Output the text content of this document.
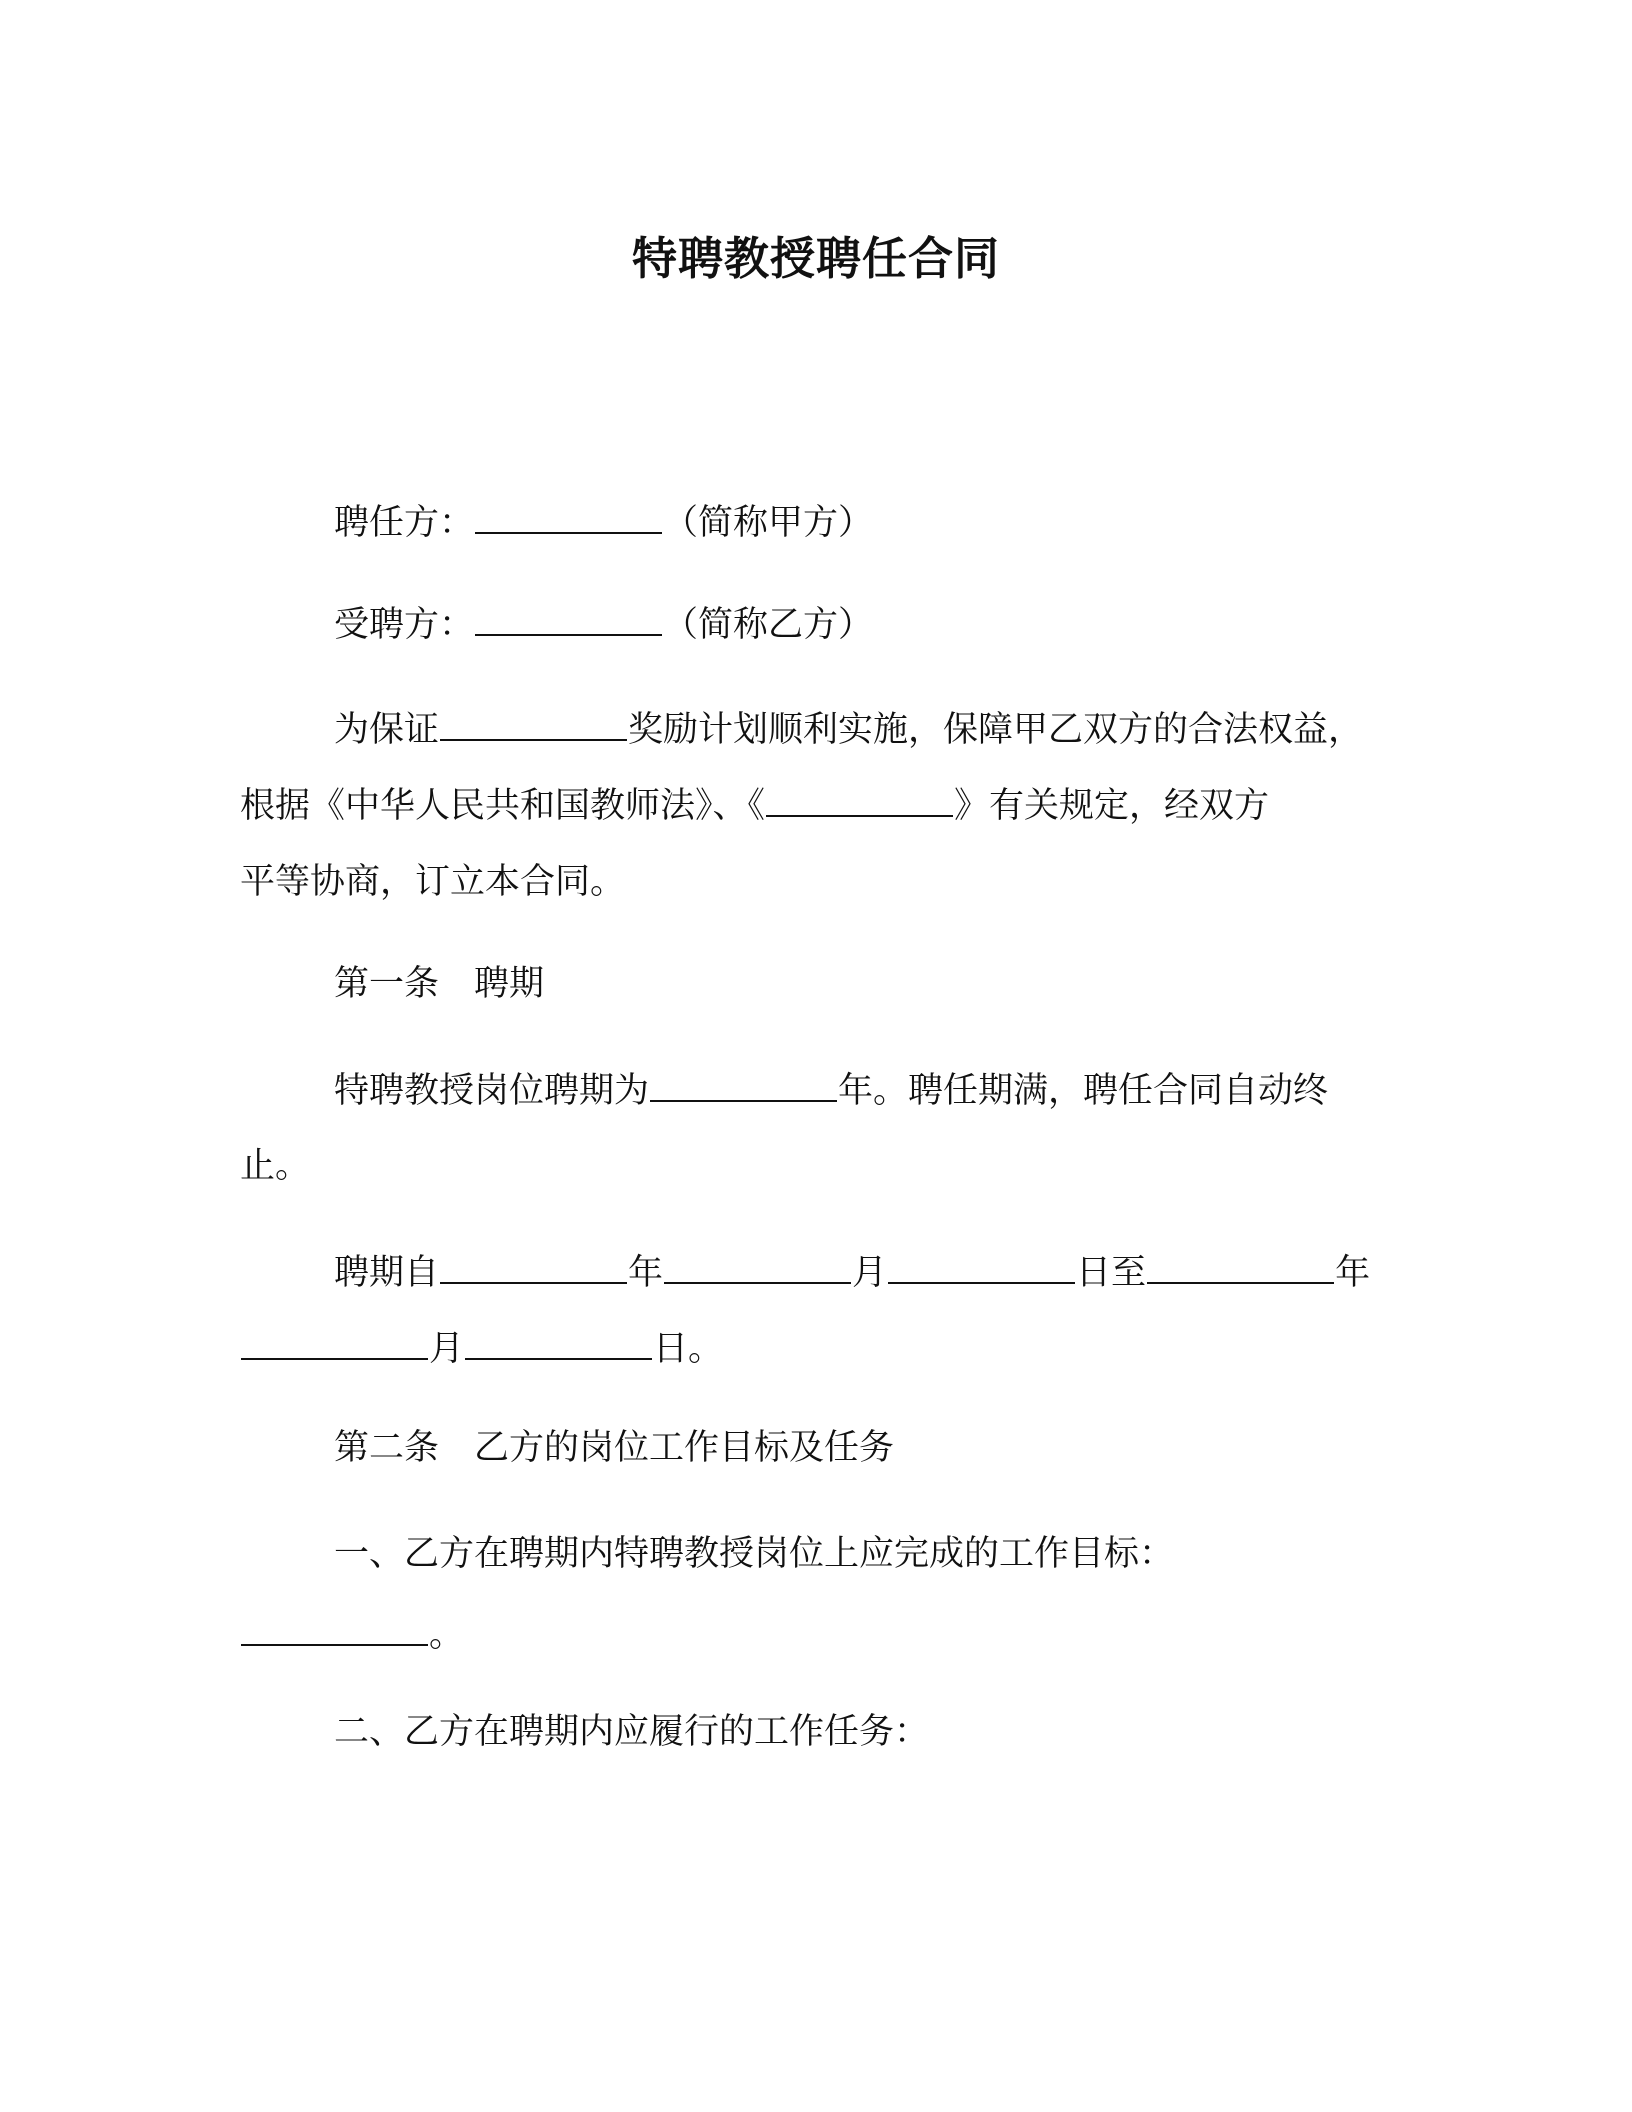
特聘教授聘任合同
聘任方：	（简称甲方）
受聘方：	（简称乙方）
为保证	奖励计划顺利实施，保障甲乙双方的合法权益，
根据《中华人民共和国教师法》、《	》有关规定，经双方
平等协商，订立本合同。
第一条　聘期
特聘教授岗位聘期为	年。聘任期满，聘任合同自动终
止。
聘期自	年	月	日至	年
月	日。
第二条　乙方的岗位工作目标及任务
一、乙方在聘期内特聘教授岗位上应完成的工作目标：
。
二、乙方在聘期内应履行的工作任务：
